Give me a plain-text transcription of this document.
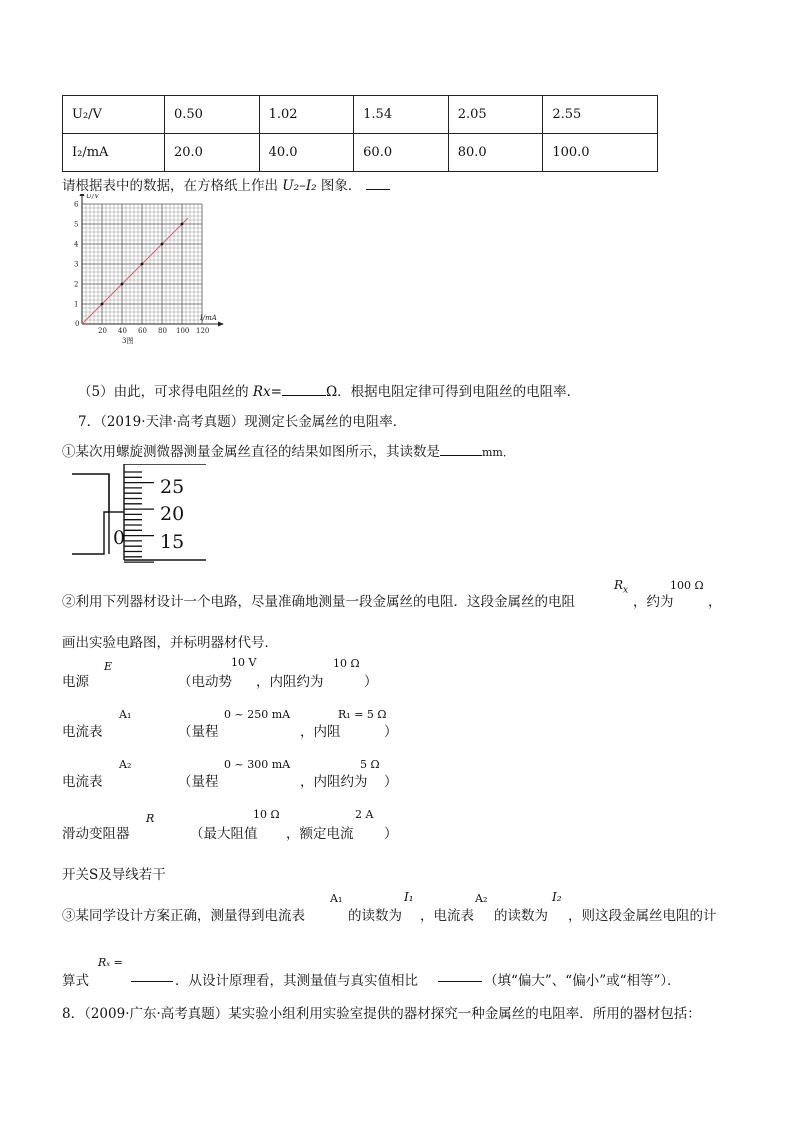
U₂/V	0.50	1.02	1.54	2.05	2.55
I₂/mA	20.0	40.0	60.0	80.0	100.0
请根据表中的数据，在方格纸上作出 U₂–I₂ 图象．
1
2
3
4
5
6
20 40 60 80 100 120
0
U/V
I/mA
3图
（5）由此，可求得电阻丝的 Rx=	Ω．根据电阻定律可得到电阻丝的电阻率．
7．（2019·天津·高考真题）现测定长金属丝的电阻率．
①某次用螺旋测微器测量金属丝直径的结果如图所示，其读数是	mm．
25
20
15
0
②利用下列器材设计一个电路，尽量准确地测量一段金属丝的电阻．这段金属丝的电阻
$R_x$
，约为
100 Ω
，
画出实验电路图，并标明器材代号．
电源
E
（电动势
10 V
，内阻约为
10 Ω
）
电流表
A₁
（量程
0 ~ 250 mA
，内阻
R₁ = 5 Ω
）
电流表
A₂
（量程
0 ~ 300 mA
，内阻约为
5 Ω
）
滑动变阻器
R
（最大阻值
10 Ω
，额定电流
2 A
）
开关S及导线若干
③某同学设计方案正确，测量得到电流表
A₁
的读数为
I₁
，电流表
A₂
的读数为
I₂
，则这段金属丝电阻的计
算式
Rₓ =
．从设计原理看，其测量值与真实值相比	（填“偏大”、“偏小”或“相等”）．
8．（2009·广东·高考真题）某实验小组利用实验室提供的器材探究一种金属丝的电阻率．所用的器材包括：
